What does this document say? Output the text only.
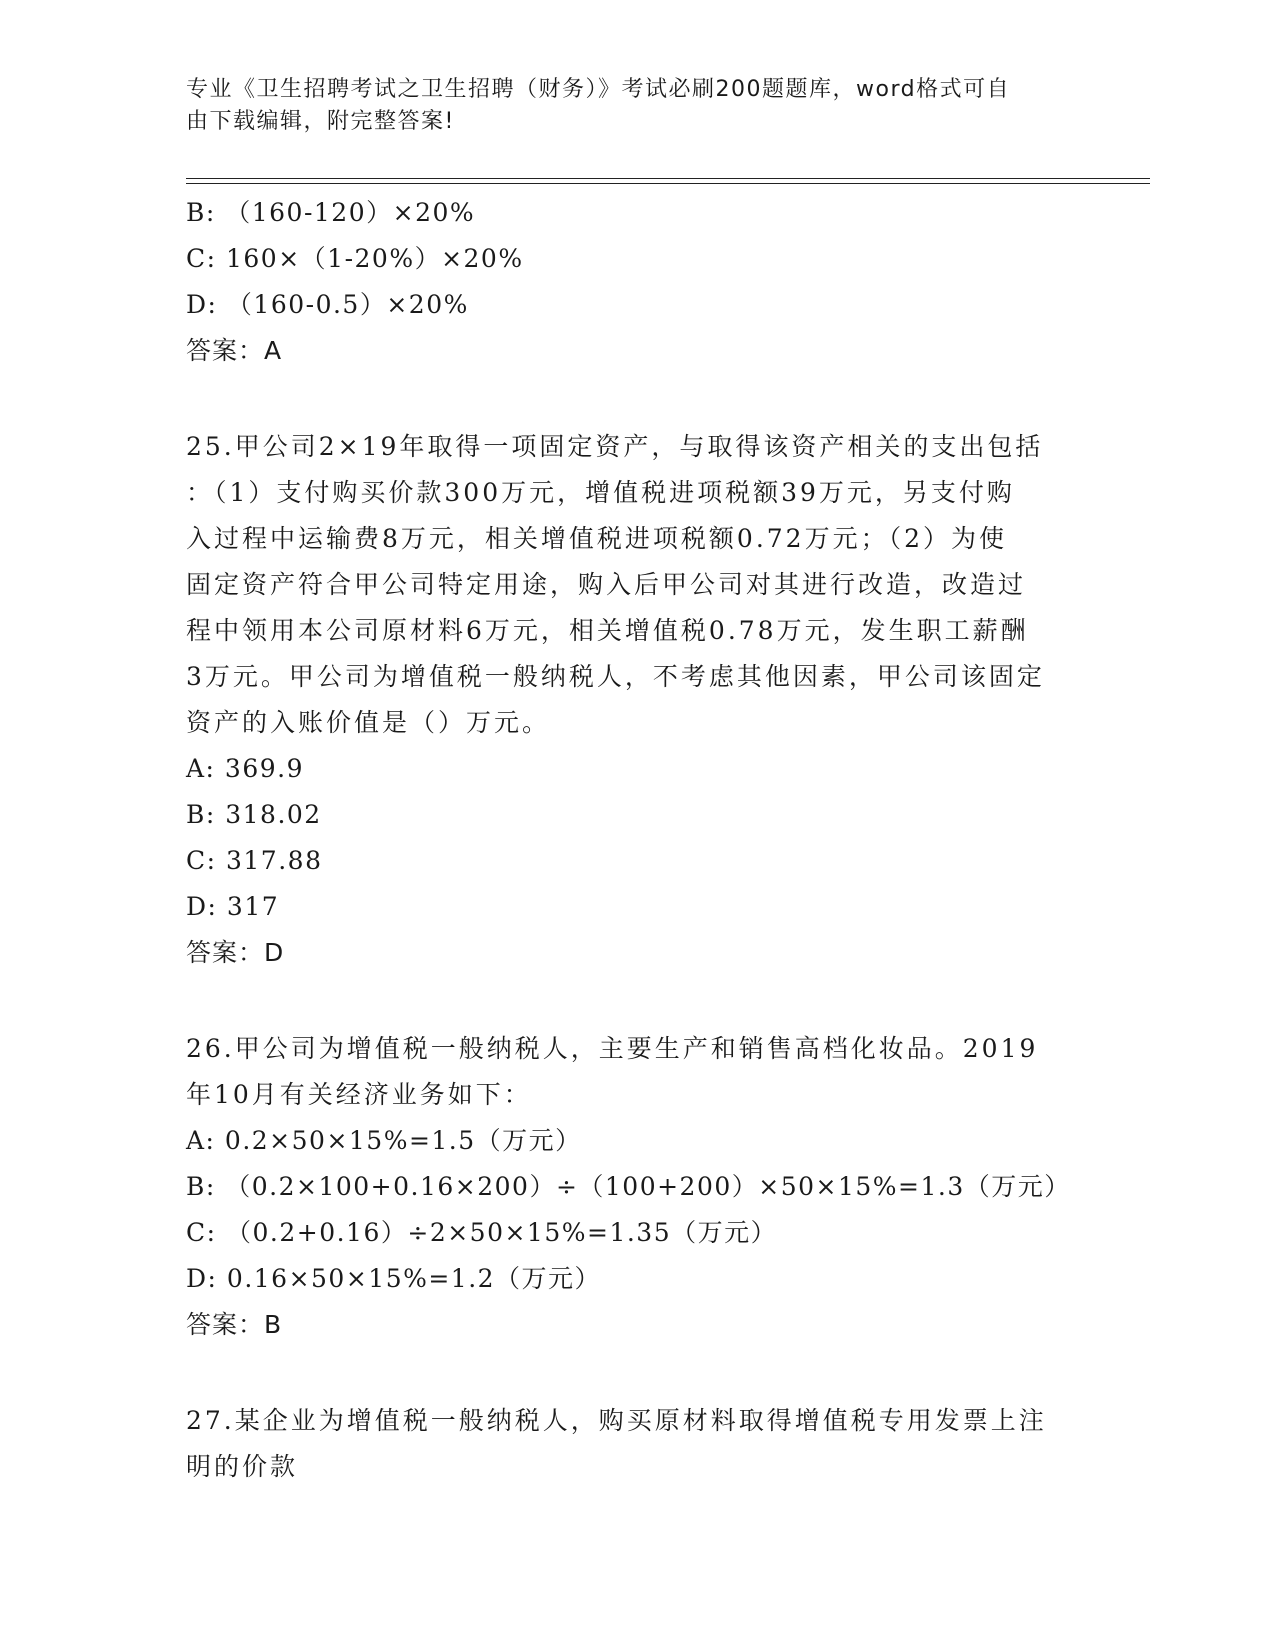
专业《卫生招聘考试之卫生招聘（财务）》考试必刷200题题库，word格式可自
由下载编辑，附完整答案!
B: （160-120）×20%
C: 160×（1-20%）×20%
D: （160-0.5）×20%
答案：A
25.甲公司2×19年取得一项固定资产，与取得该资产相关的支出包括
：（1）支付购买价款300万元，增值税进项税额39万元，另支付购
入过程中运输费8万元，相关增值税进项税额0.72万元；（2）为使
固定资产符合甲公司特定用途，购入后甲公司对其进行改造，改造过
程中领用本公司原材料6万元，相关增值税0.78万元，发生职工薪酬
3万元。甲公司为增值税一般纳税人，不考虑其他因素，甲公司该固定
资产的入账价值是（）万元。
A: 369.9
B: 318.02
C: 317.88
D: 317
答案：D
26.甲公司为增值税一般纳税人，主要生产和销售高档化妆品。2019
年10月有关经济业务如下：
A: 0.2×50×15%=1.5（万元）
B: （0.2×100+0.16×200）÷（100+200）×50×15%=1.3（万元）
C: （0.2+0.16）÷2×50×15%=1.35（万元）
D: 0.16×50×15%=1.2（万元）
答案：B
27.某企业为增值税一般纳税人，购买原材料取得增值税专用发票上注
明的价款
